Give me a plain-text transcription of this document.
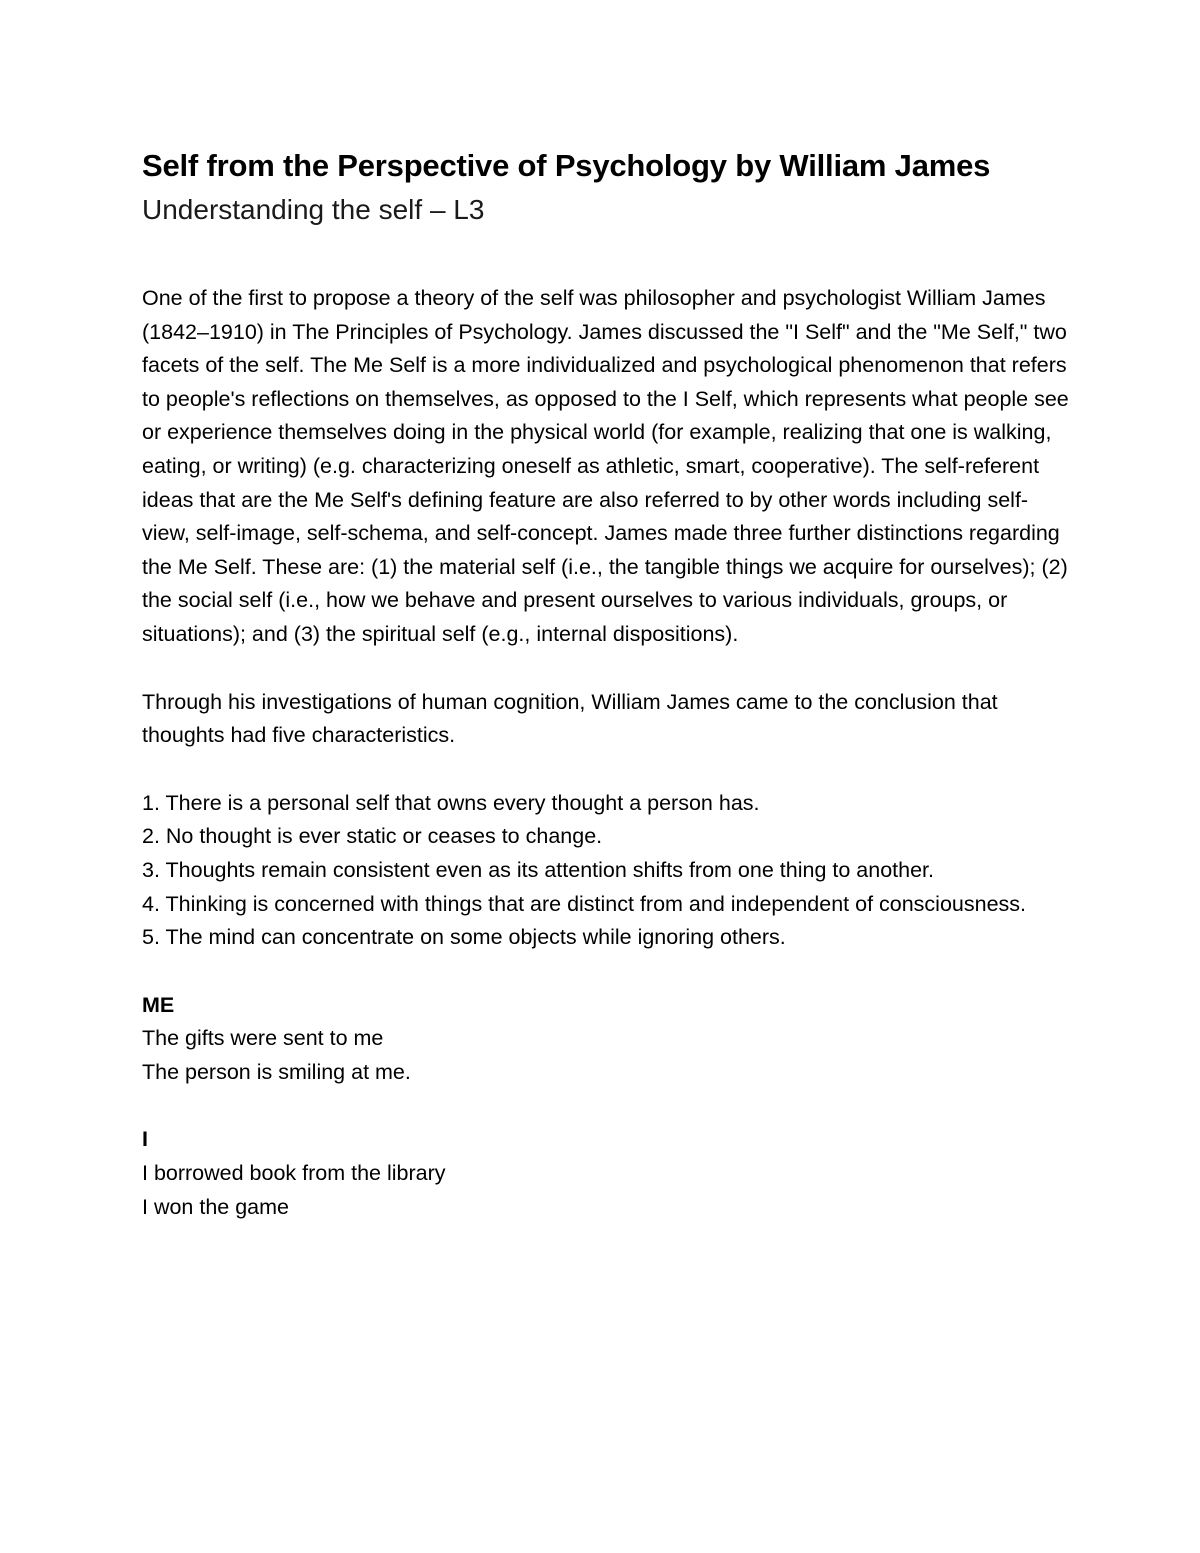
Self from the Perspective of Psychology by William James
Understanding the self – L3

One of the first to propose a theory of the self was philosopher and psychologist William James (1842–1910) in The Principles of Psychology. James discussed the "I Self" and the "Me Self," two facets of the self. The Me Self is a more individualized and psychological phenomenon that refers to people's reflections on themselves, as opposed to the I Self, which represents what people see or experience themselves doing in the physical world (for example, realizing that one is walking, eating, or writing) (e.g. characterizing oneself as athletic, smart, cooperative). The self-referent ideas that are the Me Self's defining feature are also referred to by other words including self-view, self-image, self-schema, and self-concept. James made three further distinctions regarding the Me Self. These are: (1) the material self (i.e., the tangible things we acquire for ourselves); (2) the social self (i.e., how we behave and present ourselves to various individuals, groups, or situations); and (3) the spiritual self (e.g., internal dispositions).

Through his investigations of human cognition, William James came to the conclusion that thoughts had five characteristics.

1. There is a personal self that owns every thought a person has.
2. No thought is ever static or ceases to change.
3. Thoughts remain consistent even as its attention shifts from one thing to another.
4. Thinking is concerned with things that are distinct from and independent of consciousness.
5. The mind can concentrate on some objects while ignoring others.
ME
The gifts were sent to me
The person is smiling at me.
I
I borrowed book from the library
I won the game
